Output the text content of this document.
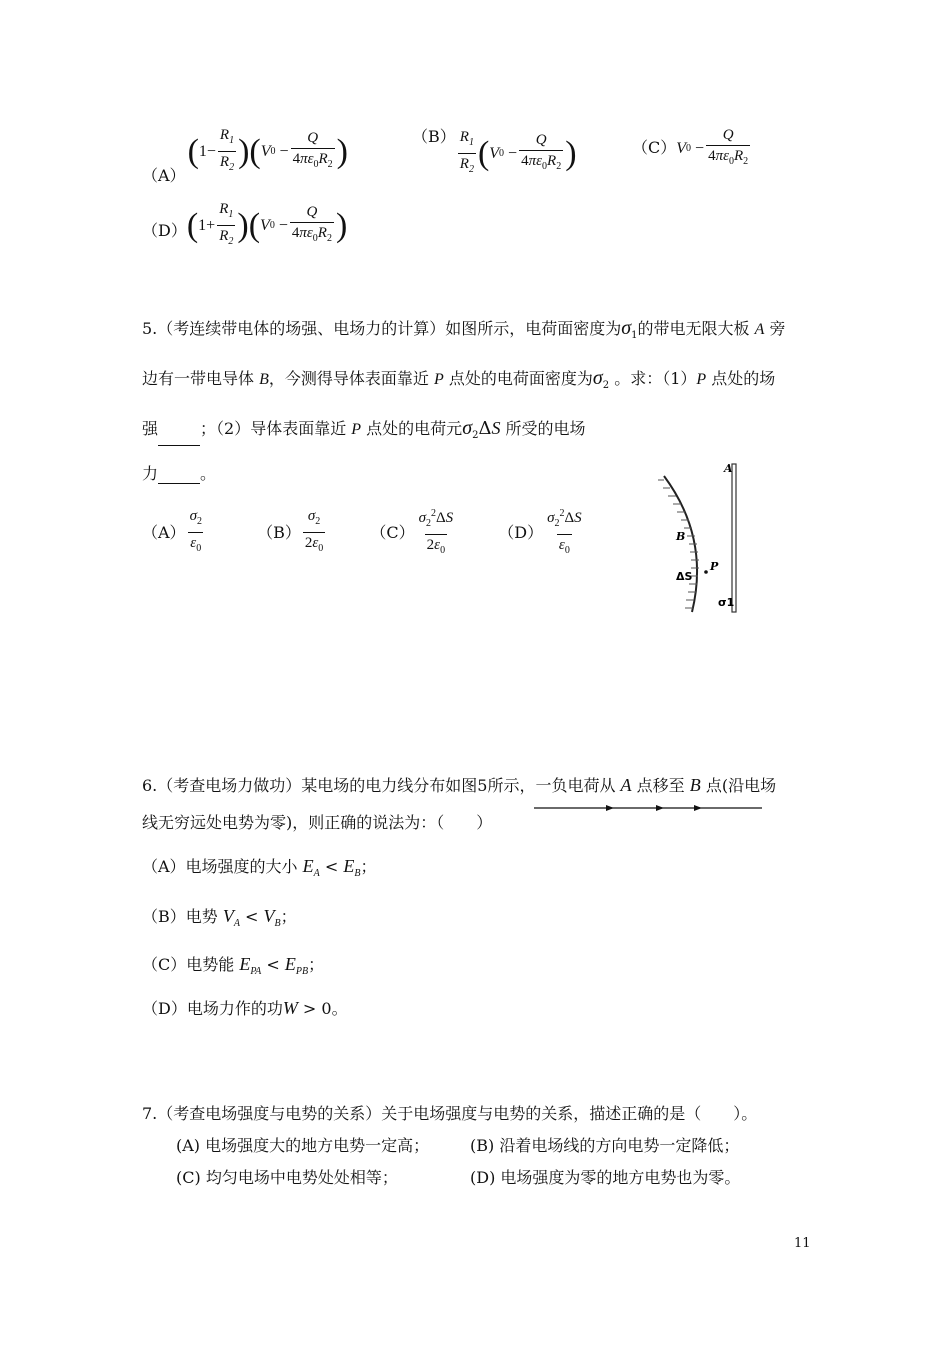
（A）
( $1- \frac{R_1}{R_2}$ ) ( V $0 - \frac{Q}{4\pi\varepsilon_0R_2}$ )	$(B) \frac{R_1}{R_2}$ ( V $0 - \frac{Q}{4\pi\varepsilon_0R_2}$ )	（C） V $0 - \frac{Q}{4\pi\varepsilon_0R_2}$
（D） ( $1+ \frac{R_1}{R_2}$ ) ( V $0 - \frac{Q}{4\pi\varepsilon_0R_2}$ )
5.（考连续带电体的场强、电场力的计算）如图所示，电荷面密度为$\sigma_1$的带电无限大板 A 旁
边有一带电导体 B，今测得导体表面靠近 P 点处的电荷面密度为$\sigma_2$ 。求：（1）P 点处的场
强	；（2）导体表面靠近 P 点处的电荷元$\sigma_2\Delta S$ 所受的电场
力	。
$(A) \frac{\sigma_2}{\varepsilon_0}$
	$(B) \frac{\sigma_2}{2\varepsilon_0}$
	$(C) \frac{\sigma_2^2\Delta S}{2\varepsilon_0}$
	$(D) \frac{\sigma_2^2\Delta S}{\varepsilon_0}$
A
B
P
ΔS
σ1
6.（考查电场力做功）某电场的电力线分布如图5所示，一负电荷从 A 点移至 B 点(沿电场
线无穷远处电势为零)，则正确的说法为：（　　）
（A）电场强度的大小 $E_A < E_B$；
（B）电势 $V_A < V_B$；
（C）电势能 $E_{PA} < E_{PB}$；
（D）电场力作的功W > 0。
7.（考查电场强度与电势的关系）关于电场强度与电势的关系，描述正确的是（　　）。
(A) 电场强度大的地方电势一定高；	(B) 沿着电场线的方向电势一定降低；
(C) 均匀电场中电势处处相等；	(D) 电场强度为零的地方电势也为零。
11
